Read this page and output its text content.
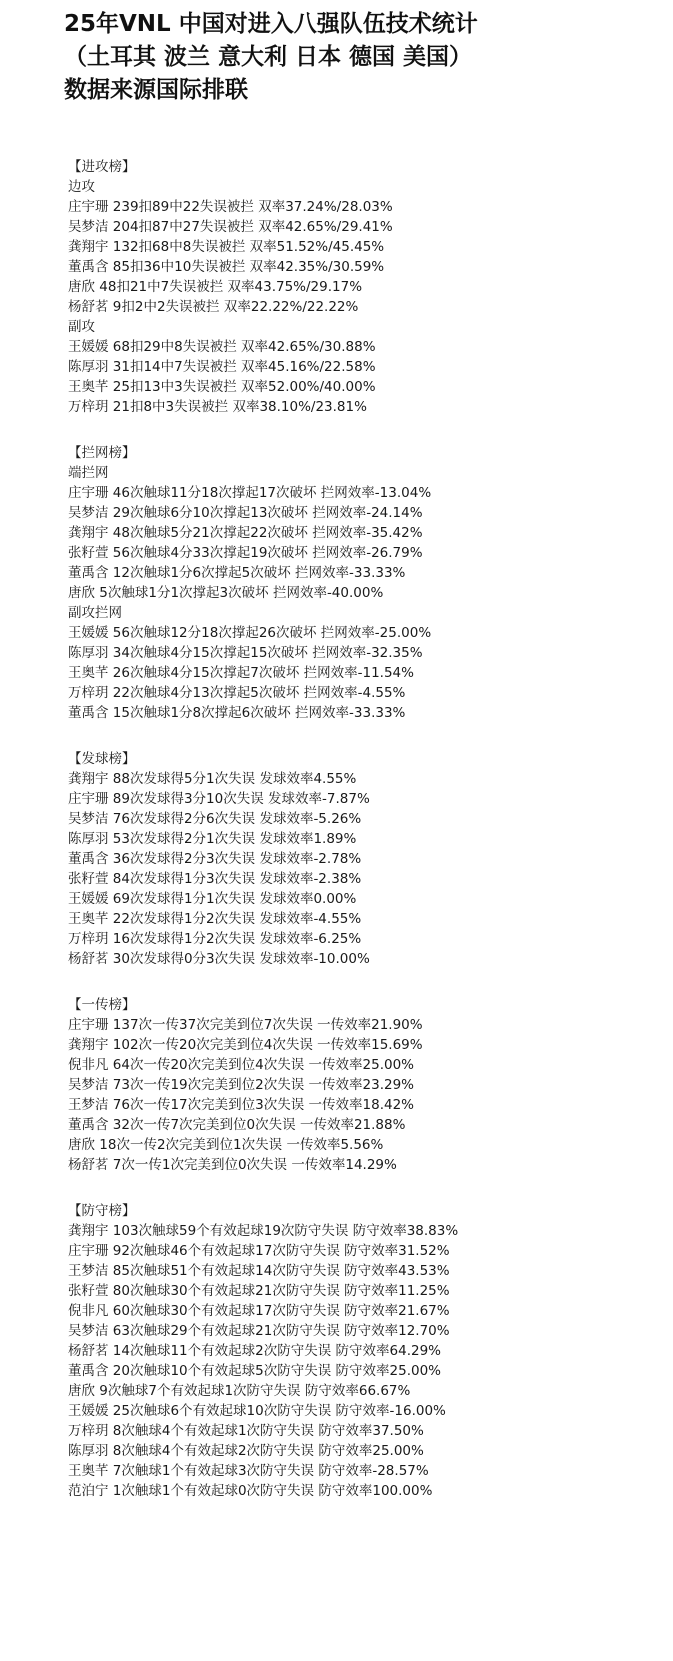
25年VNL 中国对进入八强队伍技术统计
（土耳其 波兰 意大利 日本 德国 美国）
数据来源国际排联
【进攻榜】
边攻
庄宇珊 239扣89中22失误被拦 双率37.24%/28.03%
吴梦洁 204扣87中27失误被拦 双率42.65%/29.41%
龚翔宇 132扣68中8失误被拦 双率51.52%/45.45%
董禹含 85扣36中10失误被拦 双率42.35%/30.59%
唐欣 48扣21中7失误被拦 双率43.75%/29.17%
杨舒茗 9扣2中2失误被拦 双率22.22%/22.22%
副攻
王媛媛 68扣29中8失误被拦 双率42.65%/30.88%
陈厚羽 31扣14中7失误被拦 双率45.16%/22.58%
王奥芊 25扣13中3失误被拦 双率52.00%/40.00%
万梓玥 21扣8中3失误被拦 双率38.10%/23.81%
【拦网榜】
端拦网
庄宇珊 46次触球11分18次撑起17次破坏 拦网效率-13.04%
吴梦洁 29次触球6分10次撑起13次破坏 拦网效率-24.14%
龚翔宇 48次触球5分21次撑起22次破坏 拦网效率-35.42%
张籽萱 56次触球4分33次撑起19次破坏 拦网效率-26.79%
董禹含 12次触球1分6次撑起5次破坏 拦网效率-33.33%
唐欣 5次触球1分1次撑起3次破坏 拦网效率-40.00%
副攻拦网
王媛媛 56次触球12分18次撑起26次破坏 拦网效率-25.00%
陈厚羽 34次触球4分15次撑起15次破坏 拦网效率-32.35%
王奥芊 26次触球4分15次撑起7次破坏 拦网效率-11.54%
万梓玥 22次触球4分13次撑起5次破坏 拦网效率-4.55%
董禹含 15次触球1分8次撑起6次破坏 拦网效率-33.33%
【发球榜】
龚翔宇 88次发球得5分1次失误 发球效率4.55%
庄宇珊 89次发球得3分10次失误 发球效率-7.87%
吴梦洁 76次发球得2分6次失误 发球效率-5.26%
陈厚羽 53次发球得2分1次失误 发球效率1.89%
董禹含 36次发球得2分3次失误 发球效率-2.78%
张籽萱 84次发球得1分3次失误 发球效率-2.38%
王媛媛 69次发球得1分1次失误 发球效率0.00%
王奥芊 22次发球得1分2次失误 发球效率-4.55%
万梓玥 16次发球得1分2次失误 发球效率-6.25%
杨舒茗 30次发球得0分3次失误 发球效率-10.00%
【一传榜】
庄宇珊 137次一传37次完美到位7次失误 一传效率21.90%
龚翔宇 102次一传20次完美到位4次失误 一传效率15.69%
倪非凡 64次一传20次完美到位4次失误 一传效率25.00%
吴梦洁 73次一传19次完美到位2次失误 一传效率23.29%
王梦洁 76次一传17次完美到位3次失误 一传效率18.42%
董禹含 32次一传7次完美到位0次失误 一传效率21.88%
唐欣 18次一传2次完美到位1次失误 一传效率5.56%
杨舒茗 7次一传1次完美到位0次失误 一传效率14.29%
【防守榜】
龚翔宇 103次触球59个有效起球19次防守失误 防守效率38.83%
庄宇珊 92次触球46个有效起球17次防守失误 防守效率31.52%
王梦洁 85次触球51个有效起球14次防守失误 防守效率43.53%
张籽萱 80次触球30个有效起球21次防守失误 防守效率11.25%
倪非凡 60次触球30个有效起球17次防守失误 防守效率21.67%
吴梦洁 63次触球29个有效起球21次防守失误 防守效率12.70%
杨舒茗 14次触球11个有效起球2次防守失误 防守效率64.29%
董禹含 20次触球10个有效起球5次防守失误 防守效率25.00%
唐欣 9次触球7个有效起球1次防守失误 防守效率66.67%
王媛媛 25次触球6个有效起球10次防守失误 防守效率-16.00%
万梓玥 8次触球4个有效起球1次防守失误 防守效率37.50%
陈厚羽 8次触球4个有效起球2次防守失误 防守效率25.00%
王奥芊 7次触球1个有效起球3次防守失误 防守效率-28.57%
范泊宁 1次触球1个有效起球0次防守失误 防守效率100.00%
